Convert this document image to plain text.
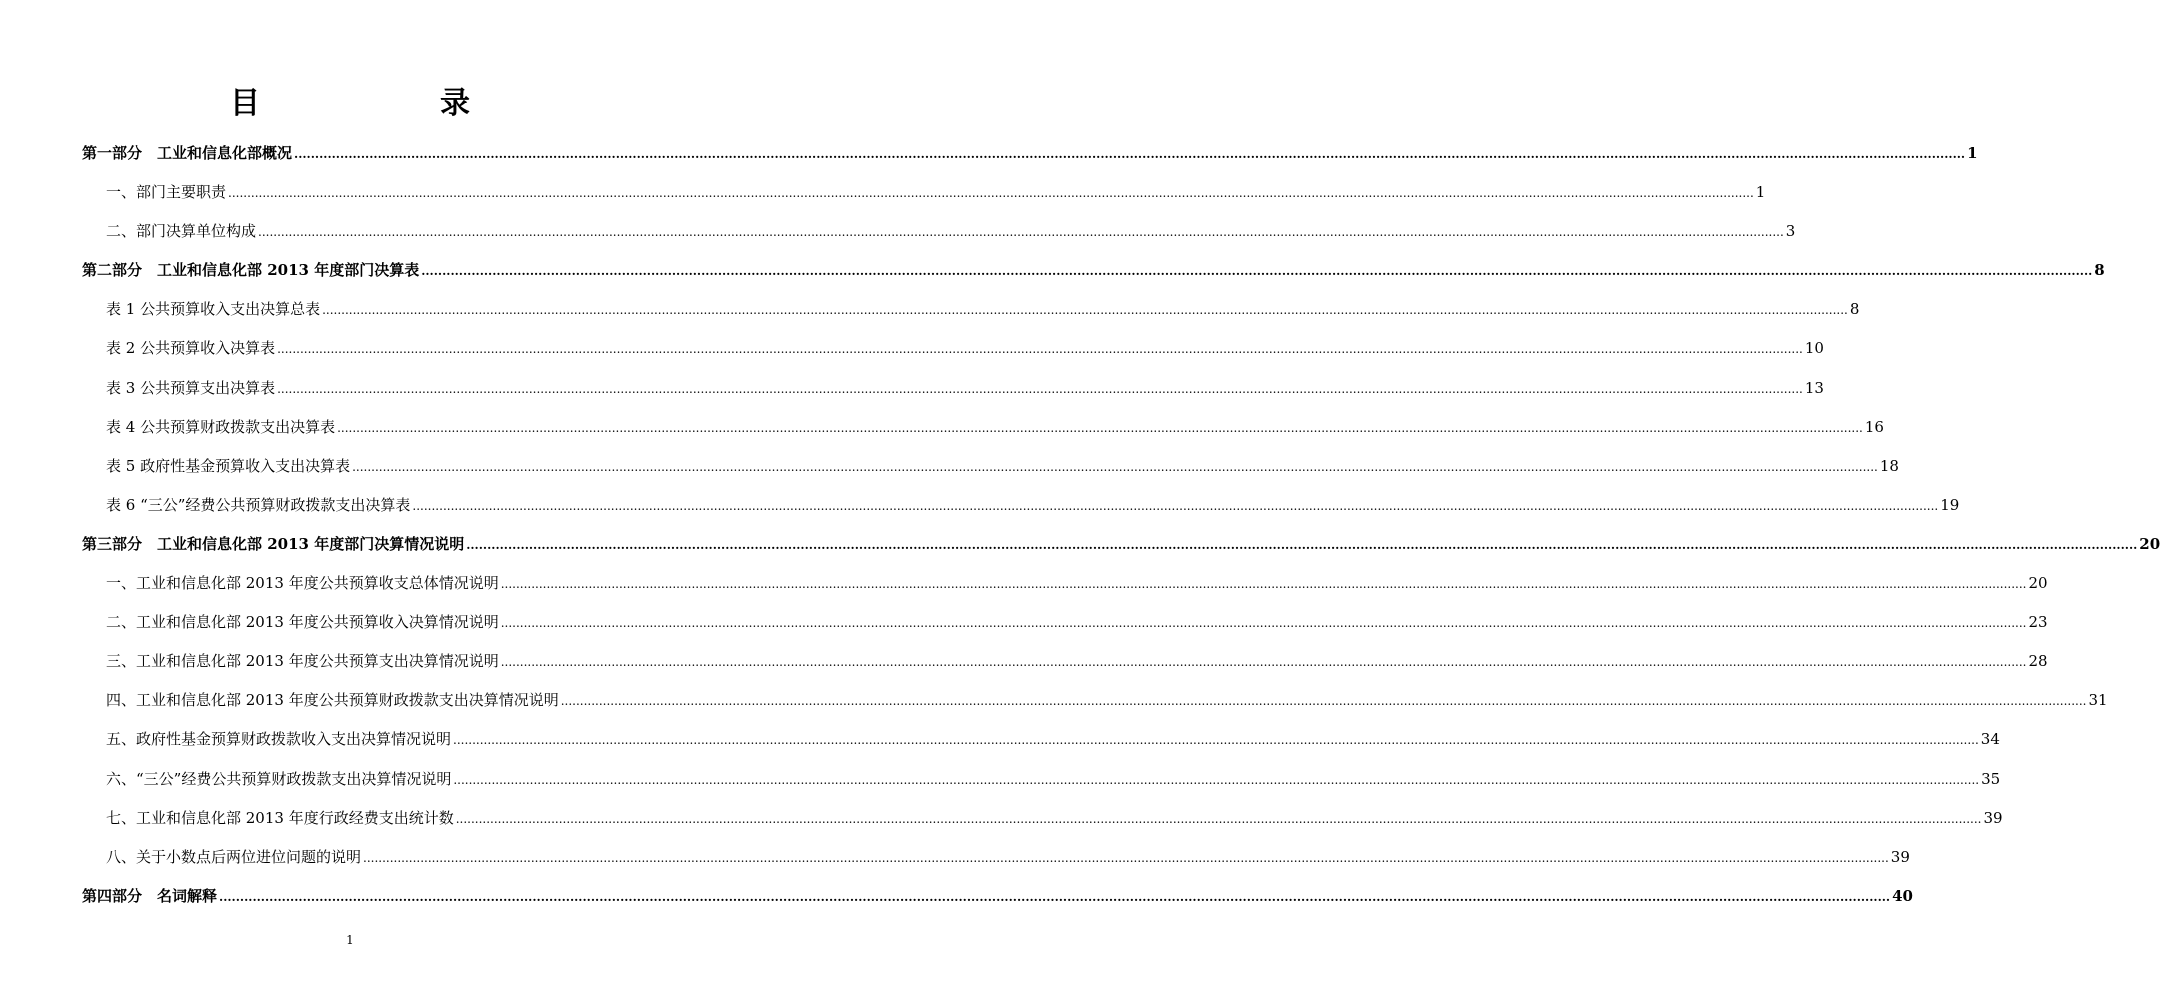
目　　录
第一部分　工业和信息化部概况 ................................................................................................................................................................................................................................................................................................................................................................................................................ 1
一、部门主要职责 ................................................................................................................................................................................................................................................................................................................................................................................................................ 1
二、部门决算单位构成 ................................................................................................................................................................................................................................................................................................................................................................................................................ 3
第二部分　工业和信息化部 2013 年度部门决算表 ................................................................................................................................................................................................................................................................................................................................................................................................................ 8
表 1 公共预算收入支出决算总表 ................................................................................................................................................................................................................................................................................................................................................................................................................ 8
表 2 公共预算收入决算表 ................................................................................................................................................................................................................................................................................................................................................................................................................ 10
表 3 公共预算支出决算表 ................................................................................................................................................................................................................................................................................................................................................................................................................ 13
表 4 公共预算财政拨款支出决算表 ................................................................................................................................................................................................................................................................................................................................................................................................................ 16
表 5 政府性基金预算收入支出决算表 ................................................................................................................................................................................................................................................................................................................................................................................................................ 18
表 6 “三公”经费公共预算财政拨款支出决算表 ................................................................................................................................................................................................................................................................................................................................................................................................................ 19
第三部分　工业和信息化部 2013 年度部门决算情况说明 ................................................................................................................................................................................................................................................................................................................................................................................................................ 20
一、工业和信息化部 2013 年度公共预算收支总体情况说明 ................................................................................................................................................................................................................................................................................................................................................................................................................ 20
二、工业和信息化部 2013 年度公共预算收入决算情况说明 ................................................................................................................................................................................................................................................................................................................................................................................................................ 23
三、工业和信息化部 2013 年度公共预算支出决算情况说明 ................................................................................................................................................................................................................................................................................................................................................................................................................ 28
四、工业和信息化部 2013 年度公共预算财政拨款支出决算情况说明 ................................................................................................................................................................................................................................................................................................................................................................................................................ 31
五、政府性基金预算财政拨款收入支出决算情况说明 ................................................................................................................................................................................................................................................................................................................................................................................................................ 34
六、“三公”经费公共预算财政拨款支出决算情况说明 ................................................................................................................................................................................................................................................................................................................................................................................................................ 35
七、工业和信息化部 2013 年度行政经费支出统计数 ................................................................................................................................................................................................................................................................................................................................................................................................................ 39
八、关于小数点后两位进位问题的说明 ................................................................................................................................................................................................................................................................................................................................................................................................................ 39
第四部分　名词解释 ................................................................................................................................................................................................................................................................................................................................................................................................................ 40
1
